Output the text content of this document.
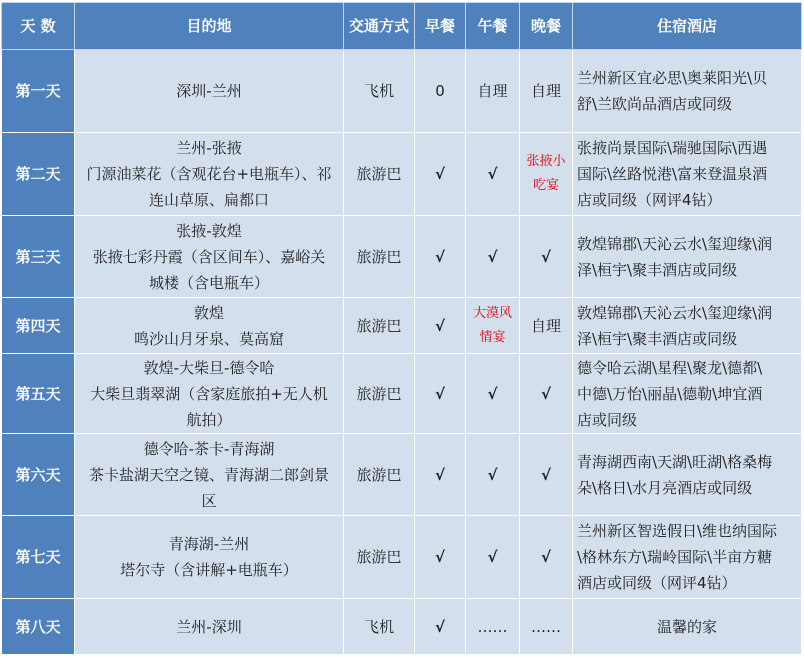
天 数	目的地	交通方式	早餐	午餐	晚餐	住宿酒店
第一天	深圳-兰州	飞机	0	自理	自理	兰州新区宜必思\奥莱阳光\贝
舒\兰欧尚品酒店或同级

第二天	兰州-张掖
门源油菜花（含观花台+电瓶车）、祁
连山草原、扁都口	旅游巴	√	√	张掖小吃宴	张掖尚景国际\瑞驰国际\西遇
国际\丝路悦港\富来登温泉酒
店或同级（网评4钻）

第三天	张掖-敦煌
张掖七彩丹霞（含区间车）、嘉峪关
城楼（含电瓶车）	旅游巴	√	√	√	敦煌锦郡\天沁云水\玺迎缘\润
泽\桓宇\聚丰酒店或同级

第四天	敦煌
鸣沙山月牙泉、莫高窟	旅游巴	√	大漠风情宴	自理	敦煌锦郡\天沁云水\玺迎缘\润
泽\桓宇\聚丰酒店或同级

第五天	敦煌-大柴旦-德令哈
大柴旦翡翠湖（含家庭旅拍+无人机
航拍）	旅游巴	√	√	√	德令哈云湖\星程\聚龙\德都\
中德\万怡\丽晶\德勒\坤宜酒
店或同级

第六天	德令哈-茶卡-青海湖
茶卡盐湖天空之镜、青海湖二郎剑景
区	旅游巴	√	√	√	青海湖西南\天湖\旺湖\格桑梅
朵\格日\水月亮酒店或同级

第七天	青海湖-兰州
塔尔寺（含讲解+电瓶车）	旅游巴	√	√	√	兰州新区智选假日\维也纳国际
\格林东方\瑞岭国际\半亩方糖
酒店或同级（网评4钻）

第八天	兰州-深圳	飞机	√	……	……	温馨的家
